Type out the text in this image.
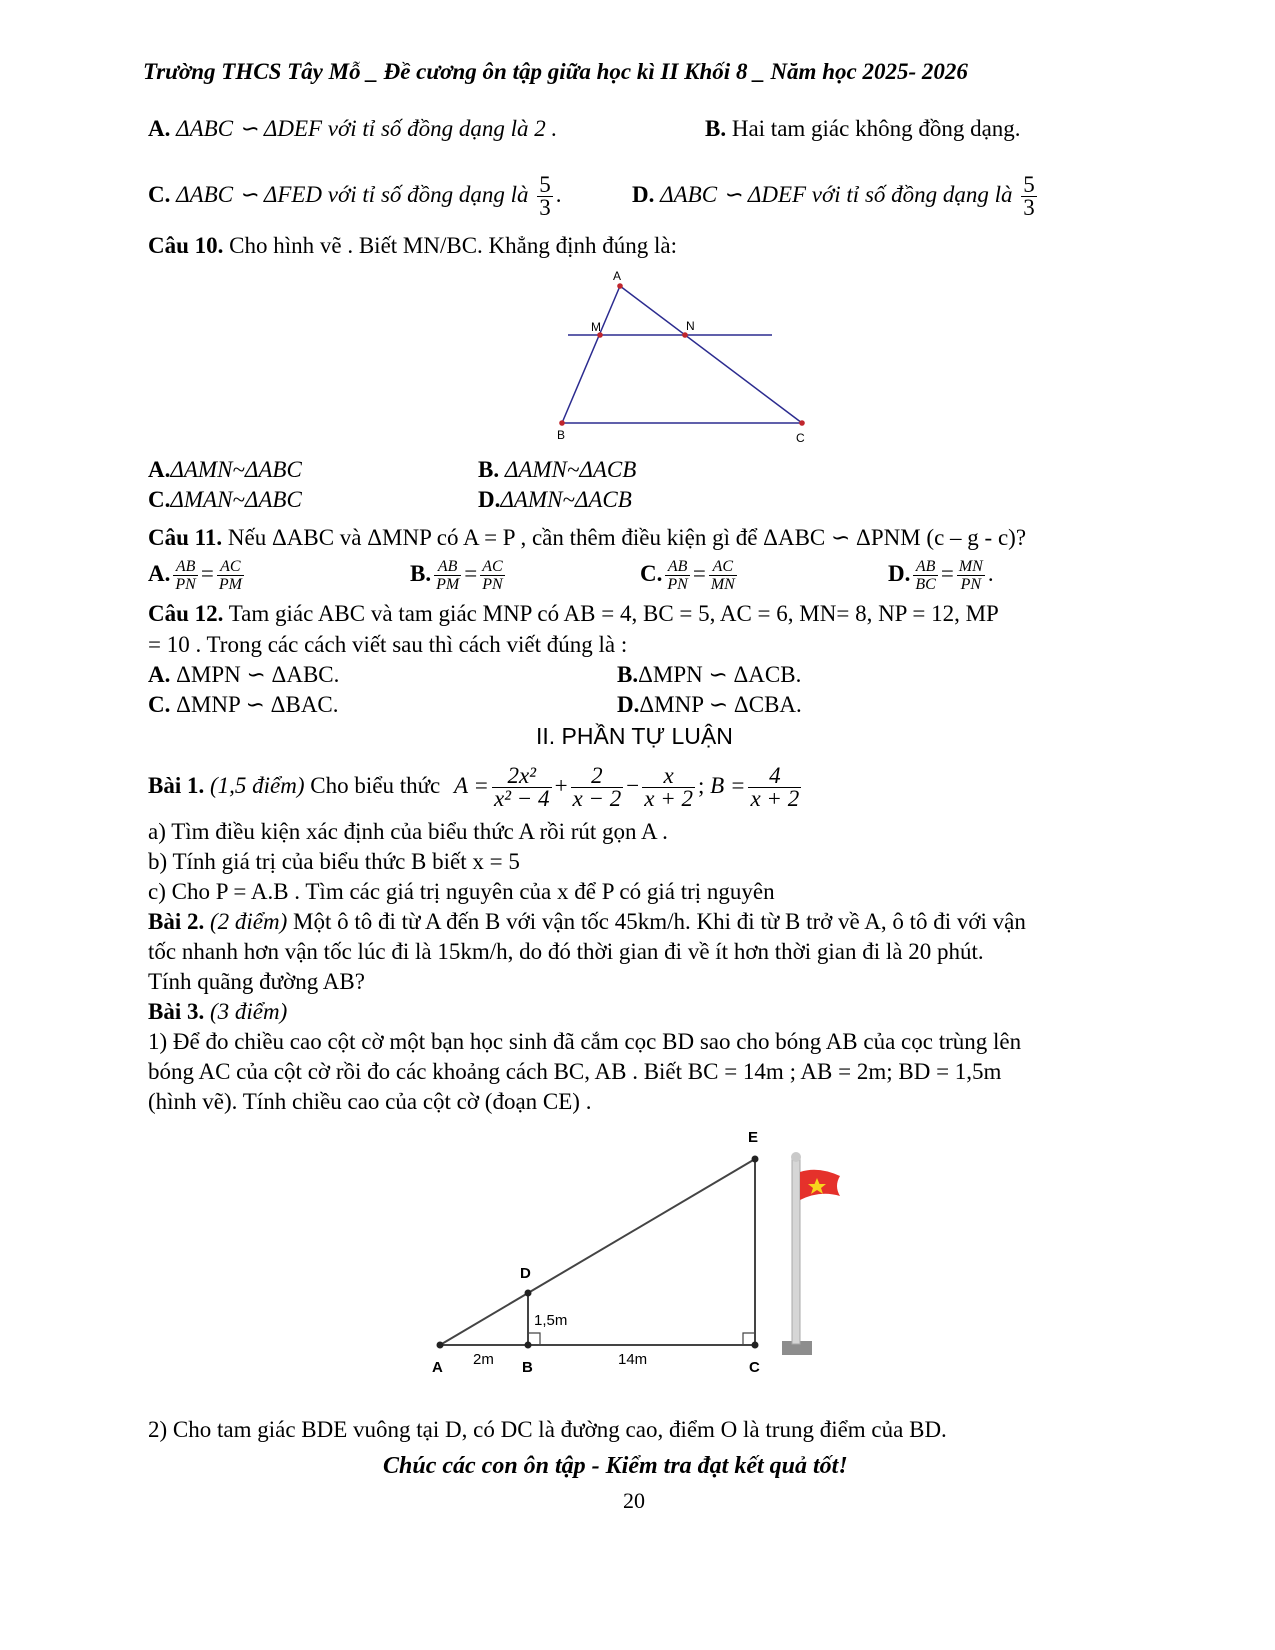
Trường THCS Tây Mỗ _ Đề cương ôn tập giữa học kì II Khối 8 _ Năm học 2025- 2026
A. ΔABC ∽ ΔDEF với tỉ số đồng dạng là 2 .	B. Hai tam giác không đồng dạng.
C. ΔABC ∽ ΔFED với tỉ số đồng dạng là $\frac{5}{3}$ .	D. ΔABC ∽ ΔDEF với tỉ số đồng dạng là $\frac{5}{3}$
Câu 10. Cho hình vẽ . Biết MN/BC. Khẳng định đúng là:
A
M	N
B	C
A.ΔAMN~ΔABC	B. ΔAMN~ΔACB
C.ΔMAN~ΔABC	D.ΔAMN~ΔACB
Câu 11. Nếu ΔABC và ΔMNP có A = P , cần thêm điều kiện gì để ΔABC ∽ ΔPNM (c – g - c)?
A. $\frac{AB}{PN} = \frac{AC}{PM}$	B. $\frac{AB}{PM} = \frac{AC}{PN}$	C. $\frac{AB}{PN} = \frac{AC}{MN}$	D. $\frac{AB}{BC} = \frac{MN}{PN}$ .
Câu 12. Tam giác ABC và tam giác MNP có AB = 4, BC = 5, AC = 6, MN= 8, NP = 12, MP
= 10 . Trong các cách viết sau thì cách viết đúng là :
A. ΔMPN ∽ ΔABC.	B.ΔMPN ∽ ΔACB.
C. ΔMNP ∽ ΔBAC.	D.ΔMNP ∽ ΔCBA.
II. PHẦN TỰ LUẬN
Bài 1. (1,5 điểm) Cho biểu thức $A = \frac{\text{2x²}}{\text{x² − 4}} + \frac{2}{x - 2} - \frac{x}{x + 2}$ ; $B = \frac{4}{x + 2}$
a) Tìm điều kiện xác định của biểu thức A rồi rút gọn A .
b) Tính giá trị của biểu thức B biết x = 5
c) Cho P = A.B . Tìm các giá trị nguyên của x để P có giá trị nguyên
Bài 2. (2 điểm) Một ô tô đi từ A đến B với vận tốc 45km/h. Khi đi từ B trở về A, ô tô đi với vận
tốc nhanh hơn vận tốc lúc đi là 15km/h, do đó thời gian đi về ít hơn thời gian đi là 20 phút.
Tính quãng đường AB?
Bài 3. (3 điểm)
1) Để đo chiều cao cột cờ một bạn học sinh đã cắm cọc BD sao cho bóng AB của cọc trùng lên
bóng AC của cột cờ rồi đo các khoảng cách BC, AB . Biết BC = 14m ; AB = 2m; BD = 1,5m
(hình vẽ). Tính chiều cao của cột cờ (đoạn CE) .
E
D
A	B	C
1,5m
2m	14m
2) Cho tam giác BDE vuông tại D, có DC là đường cao, điểm O là trung điểm của BD.
Chúc các con ôn tập - Kiểm tra đạt kết quả tốt!
20
